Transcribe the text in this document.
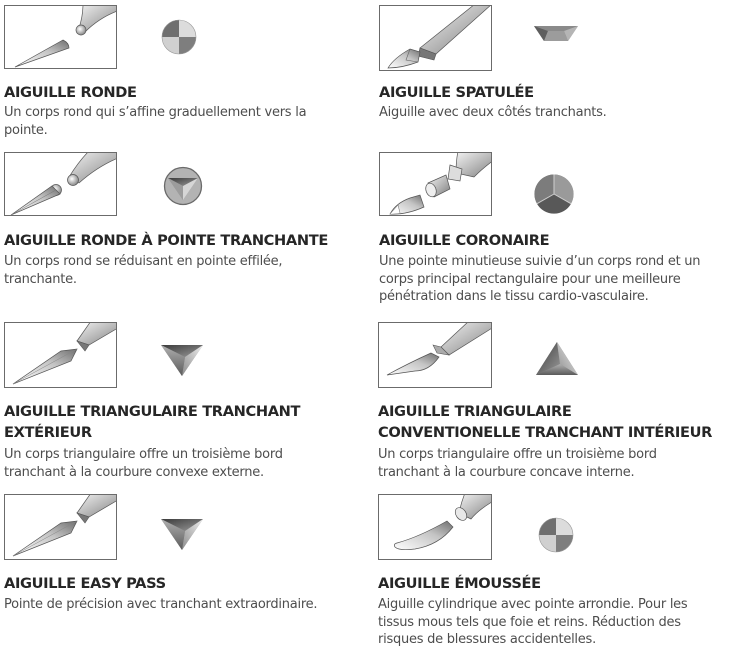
AIGUILLE RONDE
Un corps rond qui s’affine graduellement vers la pointe.
AIGUILLE SPATULÉE
Aiguille avec deux côtés tranchants.
AIGUILLE RONDE À POINTE TRANCHANTE
Un corps rond se réduisant en pointe effilée, tranchante.
AIGUILLE CORONAIRE
Une pointe minutieuse suivie d’un corps rond et un corps principal rectangulaire pour une meilleure pénétration dans le tissu cardio-vasculaire.
AIGUILLE TRIANGULAIRE TRANCHANT
EXTÉRIEUR
Un corps triangulaire offre un troisième bord tranchant à la courbure convexe externe.
AIGUILLE TRIANGULAIRE
CONVENTIONELLE TRANCHANT INTÉRIEUR
Un corps triangulaire offre un troisième bord tranchant à la courbure concave interne.
AIGUILLE EASY PASS
Pointe de précision avec tranchant extraordinaire.
AIGUILLE ÉMOUSSÉE
Aiguille cylindrique avec pointe arrondie. Pour les tissus mous tels que foie et reins. Réduction des risques de blessures accidentelles.
